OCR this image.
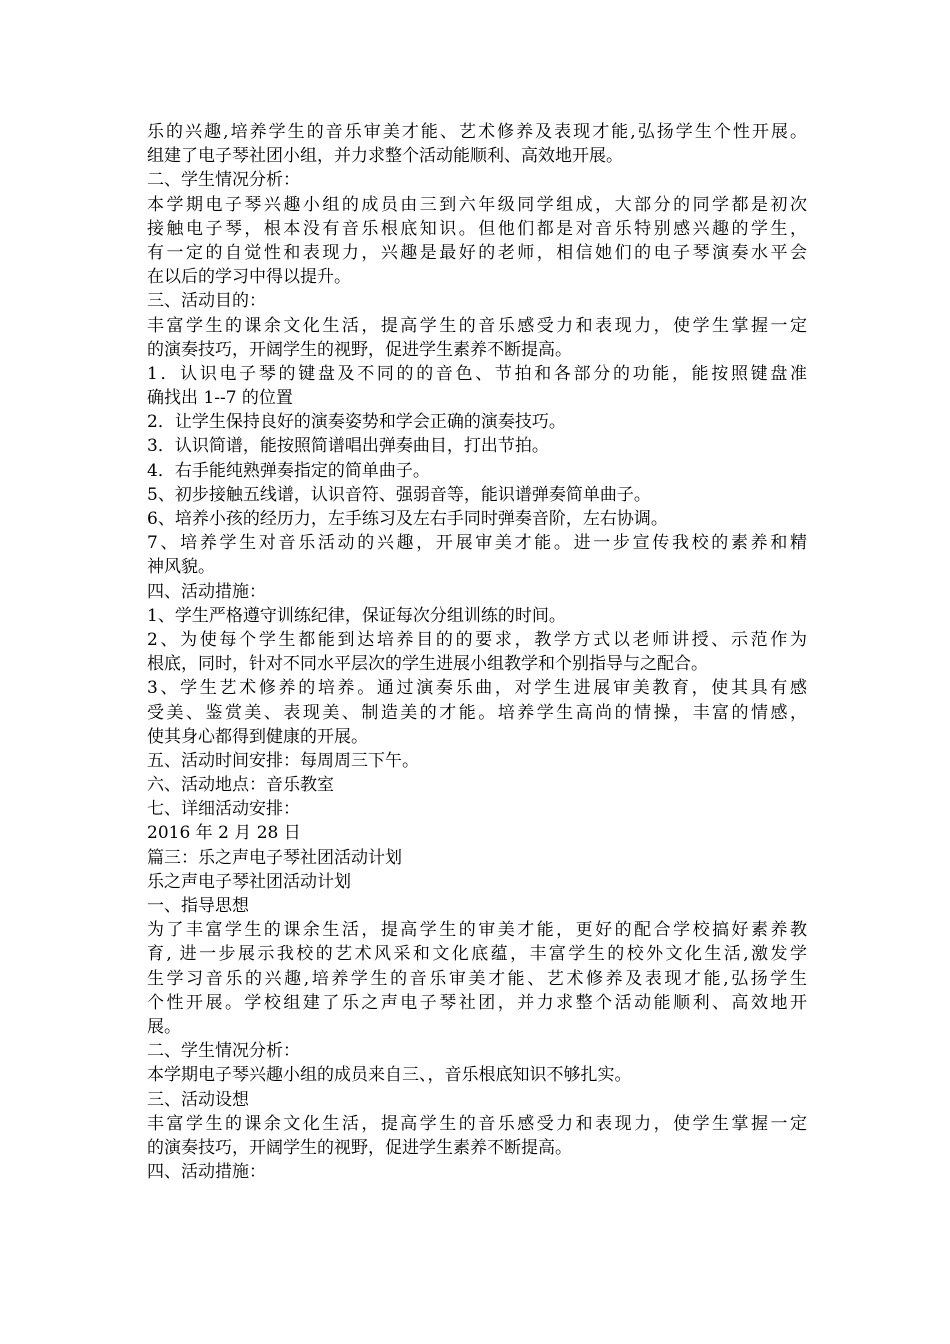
乐的兴趣,培养学生的音乐审美才能、艺术修养及表现才能,弘扬学生个性开展。
组建了电子琴社团小组，并力求整个活动能顺利、高效地开展。
二、学生情况分析：
本学期电子琴兴趣小组的成员由三到六年级同学组成，大部分的同学都是初次
接触电子琴，根本没有音乐根底知识。但他们都是对音乐特别感兴趣的学生，
有一定的自觉性和表现力，兴趣是最好的老师，相信她们的电子琴演奏水平会
在以后的学习中得以提升。
三、活动目的：
丰富学生的课余文化生活，提高学生的音乐感受力和表现力，使学生掌握一定
的演奏技巧，开阔学生的视野，促进学生素养不断提高。
1．认识电子琴的键盘及不同的的音色、节拍和各部分的功能，能按照键盘准
确找出 1--7 的位置
2．让学生保持良好的演奏姿势和学会正确的演奏技巧。
3．认识简谱，能按照简谱唱出弹奏曲目，打出节拍。
4．右手能纯熟弹奏指定的简单曲子。
5、初步接触五线谱，认识音符、强弱音等，能识谱弹奏简单曲子。
6、培养小孩的经历力，左手练习及左右手同时弹奏音阶，左右协调。
7、培养学生对音乐活动的兴趣，开展审美才能。进一步宣传我校的素养和精
神风貌。
四、活动措施：
1、学生严格遵守训练纪律，保证每次分组训练的时间。
2、为使每个学生都能到达培养目的的要求，教学方式以老师讲授、示范作为
根底，同时，针对不同水平层次的学生进展小组教学和个别指导与之配合。
3、学生艺术修养的培养。通过演奏乐曲，对学生进展审美教育，使其具有感
受美、鉴赏美、表现美、制造美的才能。培养学生高尚的情操，丰富的情感，
使其身心都得到健康的开展。
五、活动时间安排：每周周三下午。
六、活动地点：音乐教室
七、详细活动安排：
2016 年 2 月 28 日
篇三：乐之声电子琴社团活动计划
乐之声电子琴社团活动计划
一、指导思想
为了丰富学生的课余生活，提高学生的审美才能，更好的配合学校搞好素养教
育, 进一步展示我校的艺术风采和文化底蕴，丰富学生的校外文化生活,激发学
生学习音乐的兴趣,培养学生的音乐审美才能、艺术修养及表现才能,弘扬学生
个性开展。学校组建了乐之声电子琴社团，并力求整个活动能顺利、高效地开
展。
二、学生情况分析：
本学期电子琴兴趣小组的成员来自三、，音乐根底知识不够扎实。
三、活动设想
丰富学生的课余文化生活，提高学生的音乐感受力和表现力，使学生掌握一定
的演奏技巧，开阔学生的视野，促进学生素养不断提高。
四、活动措施：
